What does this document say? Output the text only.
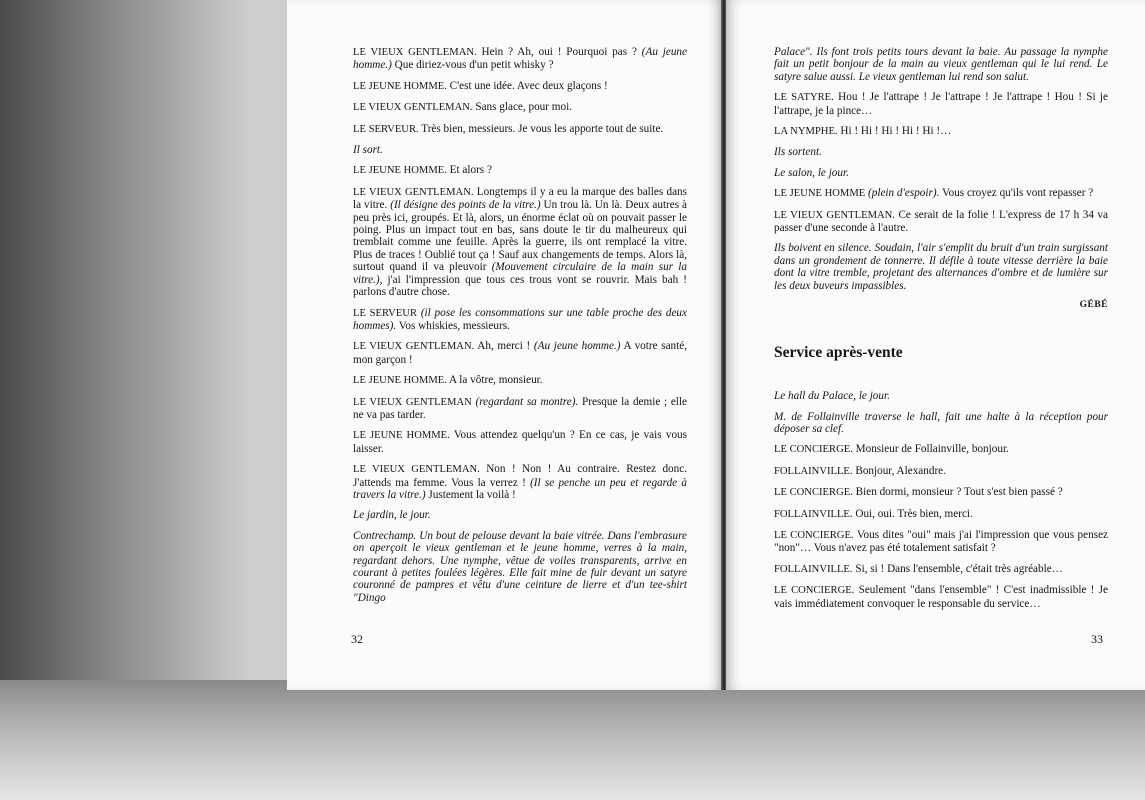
LE VIEUX GENTLEMAN. Hein ? Ah, oui ! Pourquoi pas ? (Au jeune homme.) Que diriez-vous d'un petit whisky ?

LE JEUNE HOMME. C'est une idée. Avec deux glaçons !

LE VIEUX GENTLEMAN. Sans glace, pour moi.

LE SERVEUR. Très bien, messieurs. Je vous les apporte tout de suite.

Il sort.

LE JEUNE HOMME. Et alors ?

LE VIEUX GENTLEMAN. Longtemps il y a eu la marque des balles dans la vitre. (Il désigne des points de la vitre.) Un trou là. Un là. Deux autres à peu près ici, groupés. Et là, alors, un énorme éclat où on pouvait passer le poing. Plus un impact tout en bas, sans doute le tir du malheureux qui tremblait comme une feuille. Après la guerre, ils ont remplacé la vitre. Plus de traces ! Oublié tout ça ! Sauf aux changements de temps. Alors là, surtout quand il va pleuvoir (Mouvement circulaire de la main sur la vitre.), j'ai l'impression que tous ces trous vont se rouvrir. Mais bah ! parlons d'autre chose.

LE SERVEUR (il pose les consommations sur une table proche des deux hommes). Vos whiskies, messieurs.

LE VIEUX GENTLEMAN. Ah, merci ! (Au jeune homme.) A votre santé, mon garçon !

LE JEUNE HOMME. A la vôtre, monsieur.

LE VIEUX GENTLEMAN (regardant sa montre). Presque la demie ; elle ne va pas tarder.

LE JEUNE HOMME. Vous attendez quelqu'un ? En ce cas, je vais vous laisser.

LE VIEUX GENTLEMAN. Non ! Non ! Au contraire. Restez donc. J'attends ma femme. Vous la verrez ! (Il se penche un peu et regarde à travers la vitre.) Justement la voilà !

Le jardin, le jour.

Contrechamp. Un bout de pelouse devant la baie vitrée. Dans l'embrasure on aperçoit le vieux gentleman et le jeune homme, verres à la main, regardant dehors. Une nymphe, vêtue de voiles transparents, arrive en courant à petites foulées légères. Elle fait mine de fuir devant un satyre couronné de pampres et vêtu d'une ceinture de lierre et d'un tee-shirt "Dingo

32

Palace". Ils font trois petits tours devant la baie. Au passage la nymphe fait un petit bonjour de la main au vieux gentleman qui le lui rend. Le satyre salue aussi. Le vieux gentleman lui rend son salut.

LE SATYRE. Hou ! Je l'attrape ! Je l'attrape ! Je l'attrape ! Hou ! Si je l'attrape, je la pince…

LA NYMPHE. Hi ! Hi ! Hi ! Hi ! Hi !…

Ils sortent.

Le salon, le jour.

LE JEUNE HOMME (plein d'espoir). Vous croyez qu'ils vont repasser ?

LE VIEUX GENTLEMAN. Ce serait de la folie ! L'express de 17 h 34 va passer d'une seconde à l'autre.

Ils boivent en silence. Soudain, l'air s'emplit du bruit d'un train surgissant dans un grondement de tonnerre. Il défile à toute vitesse derrière la baie dont la vitre tremble, projetant des alternances d'ombre et de lumière sur les deux buveurs impassibles.

GÉBÉ

Service après-vente

Le hall du Palace, le jour.

M. de Follainville traverse le hall, fait une halte à la réception pour déposer sa clef.

LE CONCIERGE. Monsieur de Follainville, bonjour.

FOLLAINVILLE. Bonjour, Alexandre.

LE CONCIERGE. Bien dormi, monsieur ? Tout s'est bien passé ?

FOLLAINVILLE. Oui, oui. Très bien, merci.

LE CONCIERGE. Vous dites "oui" mais j'ai l'impression que vous pensez "non"… Vous n'avez pas été totalement satisfait ?

FOLLAINVILLE. Si, si ! Dans l'ensemble, c'était très agréable…

LE CONCIERGE. Seulement "dans l'ensemble" ! C'est inadmissible ! Je vais immédiatement convoquer le responsable du service…

33
